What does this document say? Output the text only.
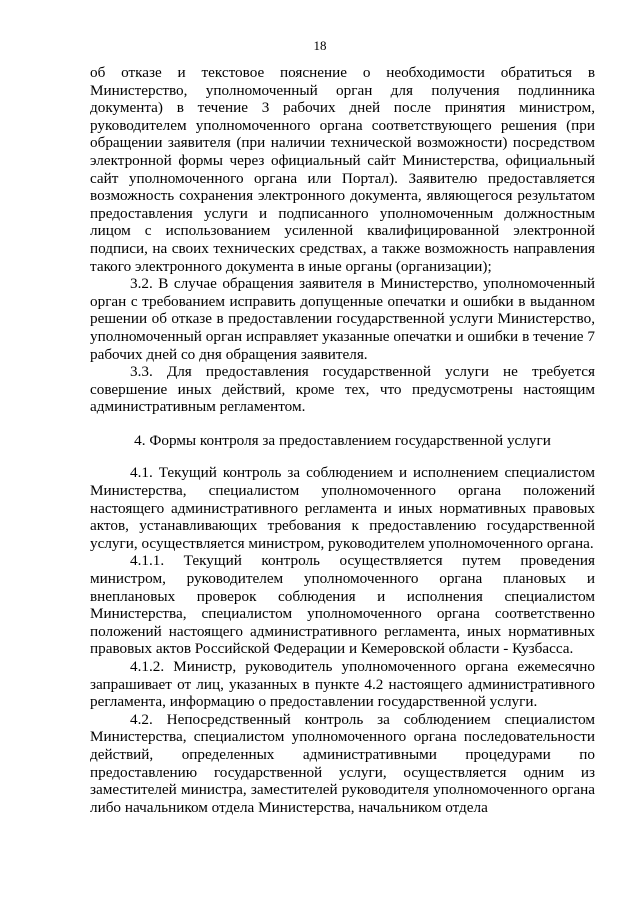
18

об отказе и текстовое пояснение о необходимости обратиться в Министерство, уполномоченный орган для получения подлинника документа) в течение 3 рабочих дней после принятия министром, руководителем уполномоченного органа соответствующего решения (при обращении заявителя (при наличии технической возможности) посредством электронной формы через официальный сайт Министерства, официальный сайт уполномоченного органа или Портал). Заявителю предоставляется возможность сохранения электронного документа, являющегося результатом предоставления услуги и подписанного уполномоченным должностным лицом с использованием усиленной квалифицированной электронной подписи, на своих технических средствах, а также возможность направления такого электронного документа в иные органы (организации);

3.2. В случае обращения заявителя в Министерство, уполномоченный орган с требованием исправить допущенные опечатки и ошибки в выданном решении об отказе в предоставлении государственной услуги Министерство, уполномоченный орган исправляет указанные опечатки и ошибки в течение 7 рабочих дней со дня обращения заявителя.

3.3. Для предоставления государственной услуги не требуется совершение иных действий, кроме тех, что предусмотрены настоящим административным регламентом.

4. Формы контроля за предоставлением государственной услуги

4.1. Текущий контроль за соблюдением и исполнением специалистом Министерства, специалистом уполномоченного органа положений настоящего административного регламента и иных нормативных правовых актов, устанавливающих требования к предоставлению государственной услуги, осуществляется министром, руководителем уполномоченного органа.

4.1.1. Текущий контроль осуществляется путем проведения министром, руководителем уполномоченного органа плановых и внеплановых проверок соблюдения и исполнения специалистом Министерства, специалистом уполномоченного органа соответственно положений настоящего административного регламента, иных нормативных правовых актов Российской Федерации и Кемеровской области - Кузбасса.

4.1.2. Министр, руководитель уполномоченного органа ежемесячно запрашивает от лиц, указанных в пункте 4.2 настоящего административного регламента, информацию о предоставлении государственной услуги.

4.2. Непосредственный контроль за соблюдением специалистом Министерства, специалистом уполномоченного органа последовательности действий, определенных административными процедурами по предоставлению государственной услуги, осуществляется одним из заместителей министра, заместителей руководителя уполномоченного органа либо начальником отдела Министерства, начальником отдела
